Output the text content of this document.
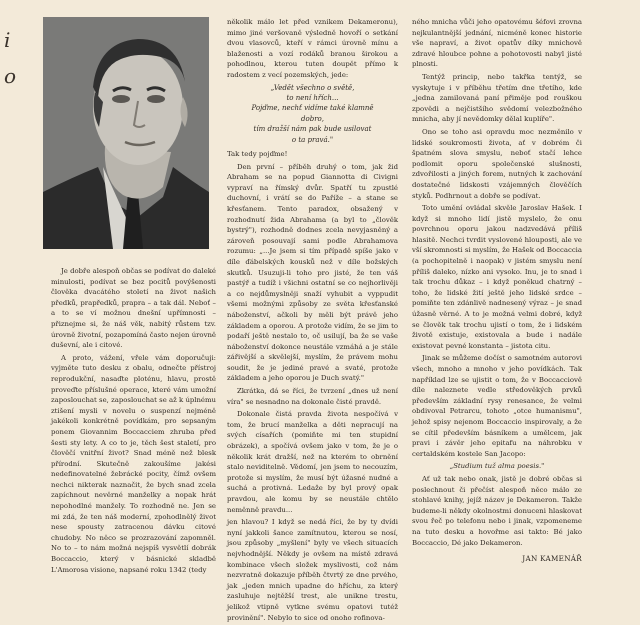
i
o

Je dobře alespoň občas se podívat do daleké minulosti, podívat se bez pocitů povýšenosti člověka dvacátého století na život našich předků, prapředků, prapra – a tak dál. Neboť – a to se ví možnou dnešní upřímnosti – přiznejme si, že náš věk, nabitý růstem tzv. úrovně životní, pozapomíná často nejen úrovně duševní, ale i citové.

A proto, vážení, vřele vám doporučuji: vyjměte tuto desku z obalu, odnečte přístroj reprodukční, nasaďte ploténu, hlavu, prostě proveďte příslušné operace, které vám umožní zaposlouchat se, zaposlouchat se až k úplnému ztišení mysli v novelu o suspenzí nejméně jakékoli konkrétně povídkám, pro sepsaným ponem Giovannim Boccacciem zhruba před šesti sty lety. A co to je, těch šest staletí, pro člověčí vnitřní život? Snad méně než blesk přírodní. Skutečně zakoušíme jakési nedefinovatelné žebrácké pocity, čímž ovšem nechci nikterak naznačit, že bych snad zcela zapíchnout nevěrné manželky a nopak hrát nepohodlné manžely. To rozhodně ne. Jen se mi zdá, že ten náš moderní, zpohodlnělý život nese spousty zatracenou dávku citové chudoby. No něco se prozrazování zapomněl. No to – to nám možná nejspíš vysvětlí dobrák Boccaccio, který v básnické skladbě L'Amorosa visione, napsané roku 1342 (tedy

několik málo let před vznikem Dekameronu), mimo jiné veršovaně výsledně hovoří o setkání dvou vlasovců, kteří v rámci úrovně mínu a blaženosti a vozí rodáků branou širokou a pohodlnou, kterou tuten doupět přímo k radostem z vecí pozemských, jede:

„Vedět všechno o světě,
to není hřích...
Pojďme, nechť vidíme také klamně
dobro,
tím dražší nám pak bude usilovat
o ta pravá."

Tak tedy pojďme!

Den první – příběh druhý o tom, jak žid Abraham se na popud Giannotta di Civigni vypraví na římský dvůr. Spatří tu zpustlé duchovní, i vrátí se do Paříže – a stane se křesťanem. Tento paradox, obsažený v rozhodnutí žida Abrahama (a byl to „člověk bystrý"), rozhodně dodnes zcela nevyjasněný a zároveň posouvají sami podle Abrahamova rozumu: „...Je jsem si tím případě spíše jako v díle ďábelských kousků než v díle božských skutků. Usuzuji-li toho pro jisté, že ten váš pastýř a tudíž i všichni ostatní se co nejhorlivěji a co nejdůmyslněji snaží vyhubit a vyppudit všemi možnými způsoby ze světa křesťanské náboženství, ačkoli by měli být právě jeho základem a oporou. A protože vidím, že se jim to podaří ještě nestalo to, oč usilují, ba že se vaše náboženství dokonce neustále vzmáhá a je stále zářivější a skvělejší, myslím, že právem mohu soudit, že je jediné pravé a svaté, protože základem a jeho oporou je Duch svatý."

Zkrátka, dá se říci, že tvrzení „dnes už není víra" se nesnadno na dokonale čisté pravdě.

Dokonale čistá pravda života nespočívá v tom, že brucí manželka a děti nepracují na svých císařích (pomiňte mi ten stupidní obrázek), a spočívá ovšem jako v tom, že je o několik krát dražší, než na kterém to obrnění stalo neviditelně. Vědomí, jen jsem to necouzím, protože si myslím, že musí být úžasné nudné a suchá a protivná. Ledaže by byl prový opak pravdou, ale komu by se neustále chtělo neměnně pravdu...

jen hlavou? I když se nedá říci, že by ty dvídi nyní jakkoli šance zamítnutou, kterou se nosí, jsou způsoby „myšlení" byly ve všech situacích nejvhodnější. Někdy je ovšem na místě zdravá kombinace všech složek myslivosti, což nám nezvratně dokazuje příběh čtvrtý ze dne prvého, jak „jeden mnich upadne do hříchu, za který zasluhuje nejtěžší trest, ale unikne trestu, jelikož vtipně vytkne svému opatovi tutéž provinění". Nebylo to sice od onoho rofinova-

ného mnicha vůči jeho opatovému šéfovi zrovna nejkulantnější jednání, nicméně konec historie vše napraví, a život opatův díky mnichově zdravé hloubce pohne a pohotovosti nabyl jisté plnosti.

Tentýž princip, nebo takřka tentýž, se vyskytuje i v příběhu třetím dne třetího, kde „jedna zamilovaná paní přiměje pod rouškou zpovědi a nejčistšího svědomí velezbožného mnicha, aby jí nevědomky dělal kuplíře".

Ono se toho asi opravdu moc nezměnilo v lidské soukromosti života, ať v dobrém či špatném slova smyslu, neboť stačí lehce podlomit oporu společenské slušnosti, zdvořilosti a jiných forem, nutných k zachování dostatečné lidskosti vzájemných člověčích styků. Podhrnout a dobře se podívat.

Toto umění ovládal skvěle Jaroslav Hašek. I když si mnoho lidí jistě myslelo, že onu povrchnou oporu jakou nadzvedává příliš hlasitě. Nechci tvrdit vyslovené hlouposti, ale ve vší skromnosti si myslím, že Hašek od Boccaccia (a pochopitelně i naopak) v jistém smyslu není příliš daleko, nízko ani vysoko. Inu, je to snad i tak trochu důkaz – i když poněkud chatrný – toho, že lidské žití ještě jeho lidské srdce – pomiňte ten zdánlivě nadnesený výraz – je snad úžasně věrné. A to je možná velmi dobré, když se člověk tak trochu ujistí o tom, že i lidském životě existuje, existovala a bude i nadále existovat pevné konstanta – jistota citu.

Jinak se můžeme dočíst o samotném autorovi všech, mnoho a mnoho v jeho povídkách. Tak například lze se ujistit o tom, že v Boccacciově díle naleznete vedle středověkých prvků především základní rysy renesance, že velmi obdivoval Petrarcu, tohoto „otce humanismu", jehož spisy nejenom Boccaccio inspirovaly, a že se cítil především básníkem a umělcem, jak pravi i závěr jeho epitafu na náhrobku v certaldském kostele San Jacopo:

„Studium tuž alma poesis."

Ať už tak nebo onak, jistě je dobré občas si poslechnout či přečíst alespoň něco málo ze stohlavé knihy, jejíž název je Dekameron. Takže budeme-li někdy okolnostmi donuceni hlaskovat svou řeč po telefonu nebo i jinak, vzpomeneme na tuto desku a hovořme asi takto: Bé jako Boccaccio, Dé jako Dekameron.

JAN KAMENÁŘ
